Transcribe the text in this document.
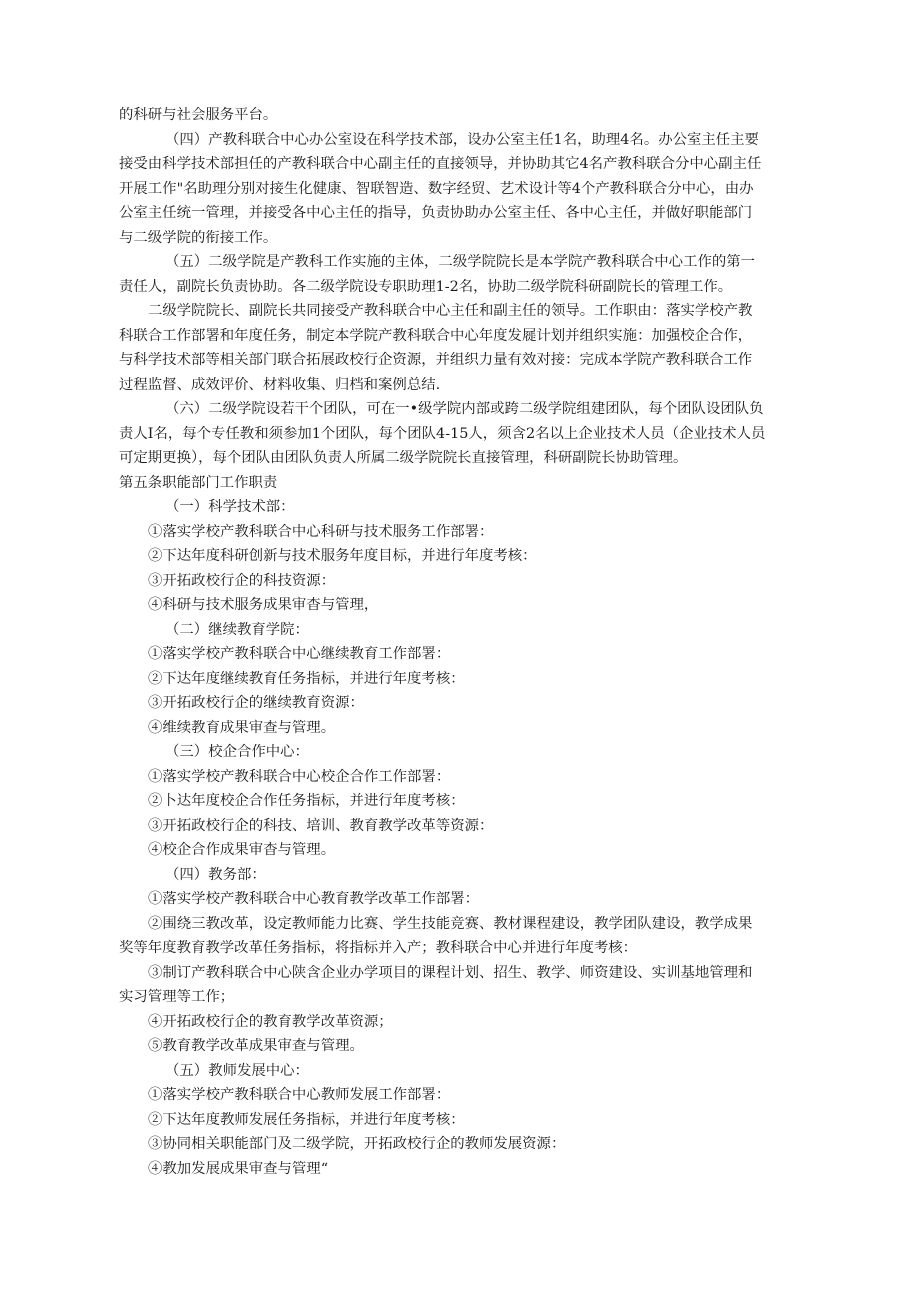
的科研与社会服务平台。
（四）产教科联合中心办公室设在科学技术部，设办公室主任1名，助理4名。办公室主任主要
接受由科学技术部担任的产教科联合中心副主任的直接领导，并协助其它4名产教科联合分中心副主任
开展工作"名助理分别对接生化健康、智联智造、数字经贸、艺术设计等4个产教科联合分中心，由办
公室主任统一管理，并接受各中心主任的指导，负责协助办公室主任、各中心主任，并做好职能部门
与二级学院的衔接工作。
（五）二级学院是产教科工作实施的主体，二级学院院长是本学院产教科联合中心工作的第一
责任人，副院长负责协助。各二级学院设专职助理1-2名，协助二级学院科研副院长的管理工作。
二级学院院长、副院长共同接受产教科联合中心主任和副主任的领导。工作职由：落实学校产教
科联合工作部署和年度任务，制定本学院产教科联合中心年度发屣计划并组织实施：加强校企合作，
与科学技术部等相关部门联合拓展政校行企资源，并组织力量有效对接：完成本学院产教科联合工作
过程监督、成效评价、材料收集、归档和案例总结.
（六）二级学院设若干个团队，可在一•级学院内部或跨二级学院组建团队，每个团队设团队负
责人I名，每个专任教和须参加1个团队，每个团队4-15人，须含2名以上企业技术人员（企业技术人员
可定期更换），每个团队由团队负责人所属二级学院院长直接管理，科研副院长协助管理。
第五条职能部门工作职责
（一）科学技术部：
①落实学校产教科联合中心科研与技术服务工作部署：
②下达年度科研创新与技术服务年度目标，并进行年度考核：
③开拓政校行企的科技资源：
④科研与技术服务成果审杳与管理，
（二）继续教育学院：
①落实学校产教科联合中心继续教育工作部署：
②下达年度继续教育任务指标，并进行年度考核：
③开拓政校行企的继续教育资源：
④维续教育成果审查与管理。
（三）校企合作中心：
①落实学校产教科联合中心校企合作工作部署：
②卜达年度校企合作任务指标，并进行年度考核：
③开拓政校行企的科技、培训、教育教学改革等资源：
④校企合作成果审杳与管理。
（四）教务部：
①落实学校产教科联合中心教育教学改革工作部署：
②围绕三教改革，设定教师能力比赛、学生技能竞赛、教材课程建设，教学团队建设，教学成果
奖等年度教育教学改革任务指标，将指标并入产；教科联合中心并进行年度考核：
③制订产教科联合中心陕含企业办学项目的课程计划、招生、教学、师资建设、实训基地管理和
实习管理等工作；
④开拓政校行企的教育教学改革资源；
⑤教育教学改革成果审查与管理。
（五）教师发展中心：
①落实学校产教科联合中心教师发展工作部署：
②下达年度教师发展任务指标，并进行年度考核：
③协同相关职能部门及二级学院，开拓政校行企的教师发展资源：
④教加发展成果审查与管理“
